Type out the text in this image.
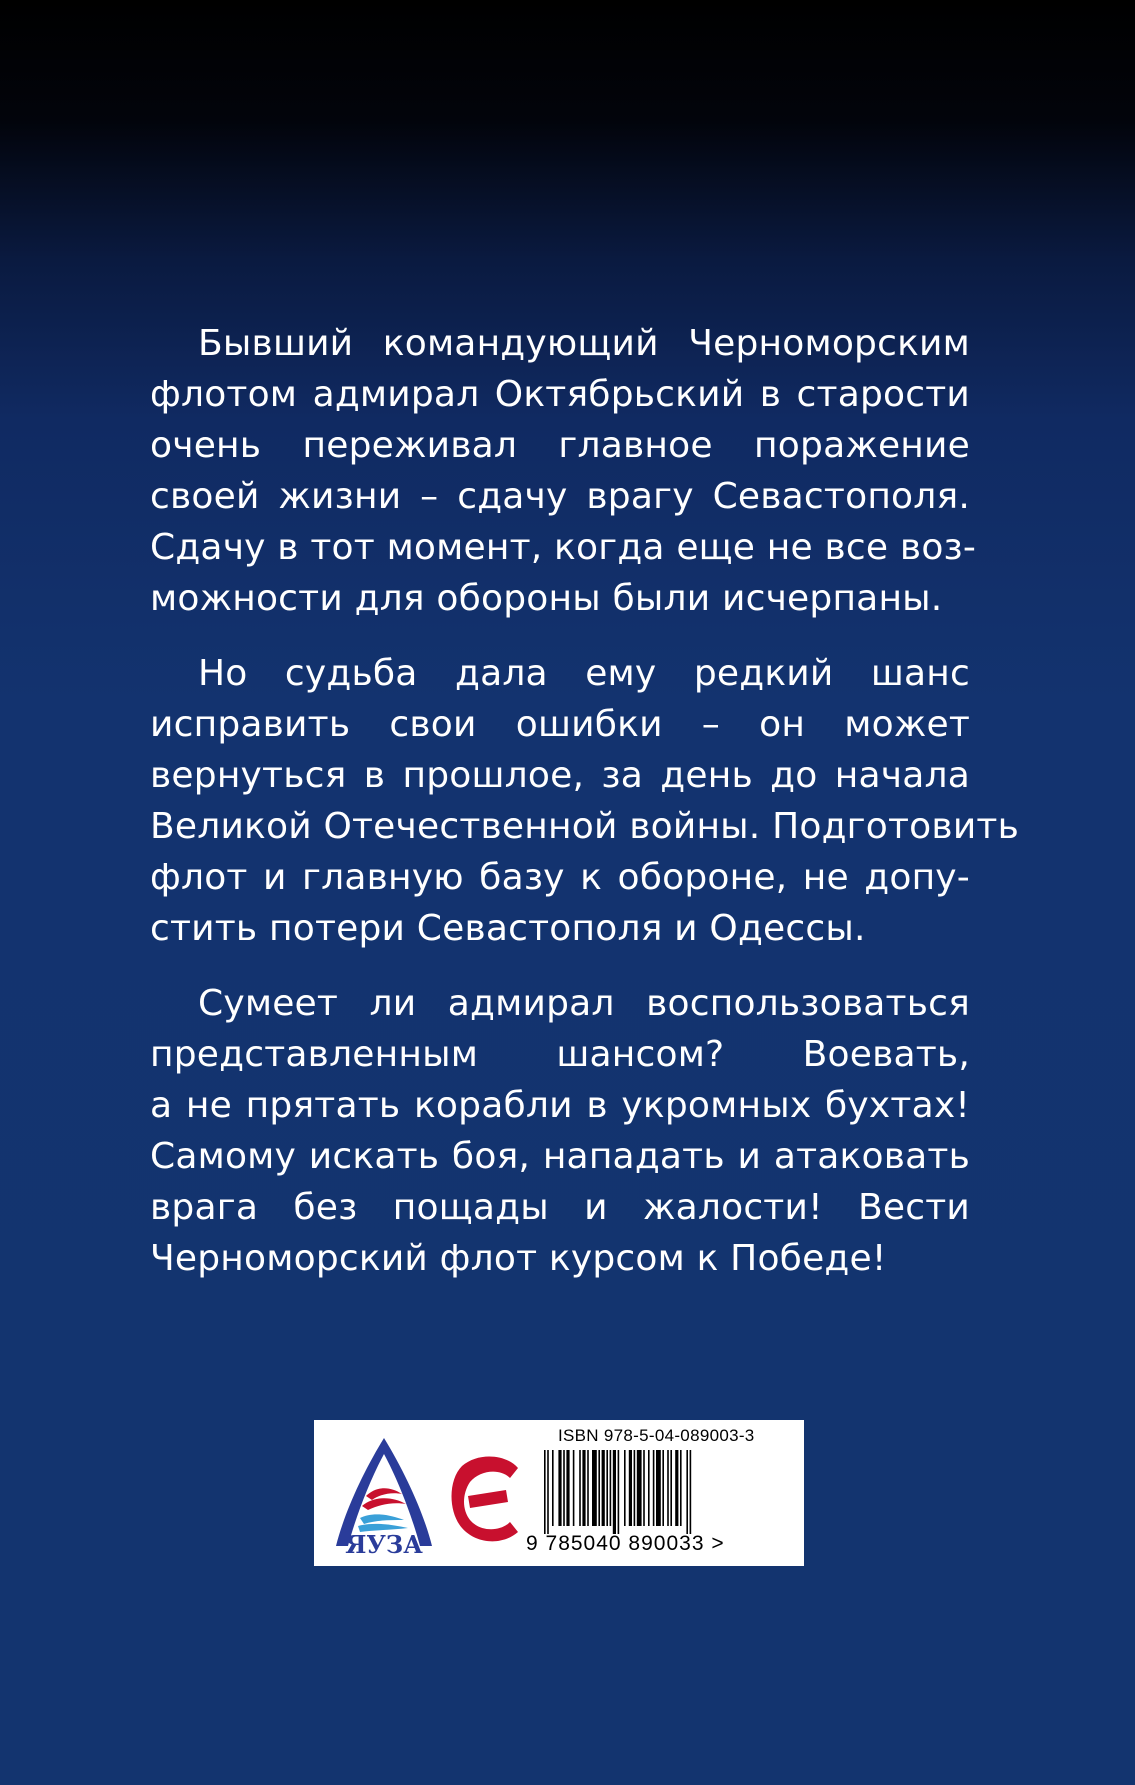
Бывший командующий Черноморским
флотом адмирал Октябрьский в старости
очень переживал главное поражение
своей жизни – сдачу врагу Севастополя.
Сдачу в тот момент, когда еще не все воз-
можности для обороны были исчерпаны.

Но судьба дала ему редкий шанс
исправить свои ошибки – он может
вернуться в прошлое, за день до начала
Великой Отечественной войны. Подготовить
флот и главную базу к обороне, не допу-
стить потери Севастополя и Одессы.

Сумеет ли адмирал воспользоваться
представленным шансом? Воевать,
а не прятать корабли в укромных бухтах!
Самому искать боя, нападать и атаковать
врага без пощады и жалости! Вести
Черноморский флот курсом к Победе!

ЯУЗА
ISBN 978-5-04-089003-3
9 785040 890033 >
